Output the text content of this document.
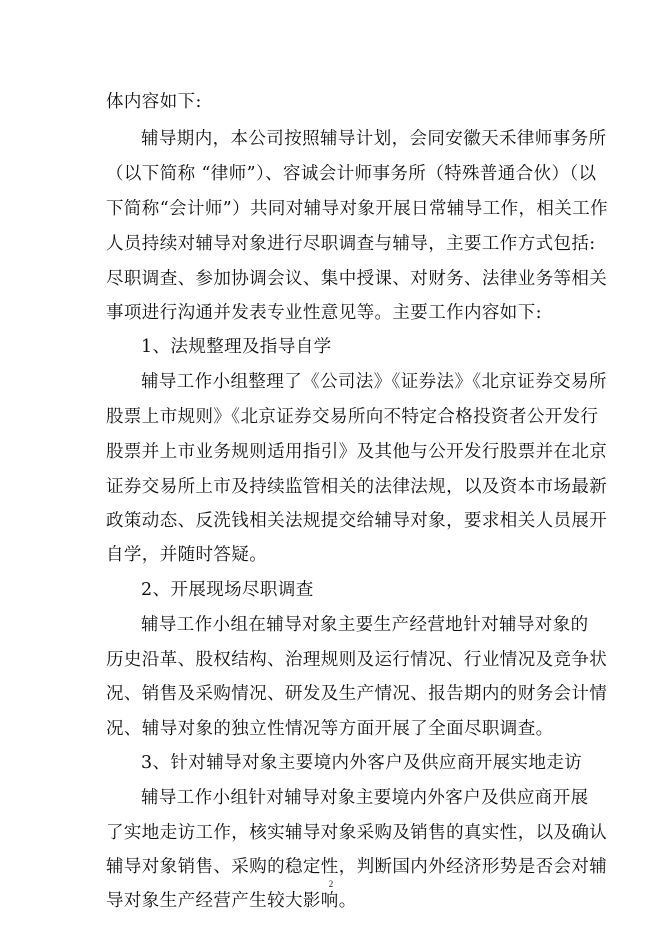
体内容如下:
辅导期内，本公司按照辅导计划，会同安徽天禾律师事务所
（以下简称 “律师”）、容诚会计师事务所（特殊普通合伙）（以
下简称“会计师”）共同对辅导对象开展日常辅导工作，相关工作
人员持续对辅导对象进行尽职调查与辅导，主要工作方式包括:
尽职调查、参加协调会议、集中授课、对财务、法律业务等相关
事项进行沟通并发表专业性意见等。主要工作内容如下:
1、法规整理及指导自学
辅导工作小组整理了《公司法》《证券法》《北京证券交易所
股票上市规则》《北京证券交易所向不特定合格投资者公开发行
股票并上市业务规则适用指引》及其他与公开发行股票并在北京
证券交易所上市及持续监管相关的法律法规，以及资本市场最新
政策动态、反洗钱相关法规提交给辅导对象，要求相关人员展开
自学，并随时答疑。
2、开展现场尽职调查
辅导工作小组在辅导对象主要生产经营地针对辅导对象的
历史沿革、股权结构、治理规则及运行情况、行业情况及竞争状
况、销售及采购情况、研发及生产情况、报告期内的财务会计情
况、辅导对象的独立性情况等方面开展了全面尽职调查。
3、针对辅导对象主要境内外客户及供应商开展实地走访
辅导工作小组针对辅导对象主要境内外客户及供应商开展
了实地走访工作，核实辅导对象采购及销售的真实性，以及确认
辅导对象销售、采购的稳定性，判断国内外经济形势是否会对辅
导对象生产经营产生较大影响。
2
